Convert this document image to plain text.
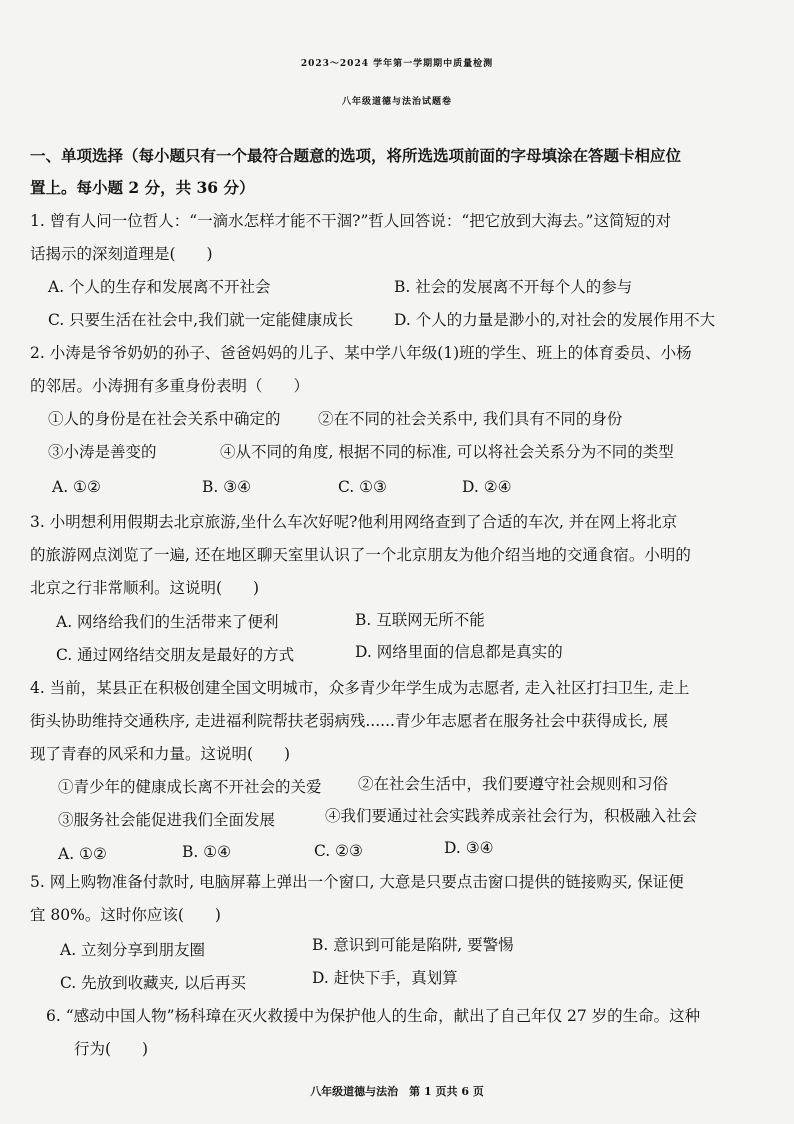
2023～2024 学年第一学期期中质量检测
八年级道德与法治试题卷
一、单项选择（每小题只有一个最符合题意的选项，将所选选项前面的字母填涂在答题卡相应位
置上。每小题 2 分，共 36 分）
1. 曾有人问一位哲人：“一滴水怎样才能不干涸?”哲人回答说：“把它放到大海去。”这简短的对
话揭示的深刻道理是(　　)
A. 个人的生存和发展离不开社会	B. 社会的发展离不开每个人的参与
C. 只要生活在社会中,我们就一定能健康成长	D. 个人的力量是渺小的,对社会的发展作用不大
2. 小涛是爷爷奶奶的孙子、爸爸妈妈的儿子、某中学八年级(1)班的学生、班上的体育委员、小杨
的邻居。小涛拥有多重身份表明（　　）
①人的身份是在社会关系中确定的 ②在不同的社会关系中, 我们具有不同的身份
③小涛是善变的	④从不同的角度, 根据不同的标准, 可以将社会关系分为不同的类型
A. ①②	B. ③④	C. ①③	D. ②④
3. 小明想利用假期去北京旅游,坐什么车次好呢?他利用网络查到了合适的车次, 并在网上将北京
的旅游网点浏览了一遍, 还在地区聊天室里认识了一个北京朋友为他介绍当地的交通食宿。小明的
北京之行非常顺利。这说明(　　)
A. 网络给我们的生活带来了便利	B. 互联网无所不能
C. 通过网络结交朋友是最好的方式	D. 网络里面的信息都是真实的
4. 当前，某县正在积极创建全国文明城市，众多青少年学生成为志愿者, 走入社区打扫卫生, 走上
街头协助维持交通秩序, 走进福利院帮扶老弱病残......青少年志愿者在服务社会中获得成长, 展
现了青春的风采和力量。这说明(　　)
①青少年的健康成长离不开社会的关爱 ②在社会生活中，我们要遵守社会规则和习俗
③服务社会能促进我们全面发展	④我们要通过社会实践养成亲社会行为，积极融入社会
A. ①②	B. ①④	C. ②③	D. ③④
5. 网上购物准备付款时, 电脑屏幕上弹出一个窗口, 大意是只要点击窗口提供的链接购买, 保证便
宜 80%。这时你应该(　　)
A. 立刻分享到朋友圈	B. 意识到可能是陷阱, 要警惕
C. 先放到收藏夹, 以后再买	D. 赶快下手，真划算
6. “感动中国人物”杨科璋在灭火救援中为保护他人的生命，献出了自己年仅 27 岁的生命。这种
行为(　　)
八年级道德与法治　第 1 页共 6 页
